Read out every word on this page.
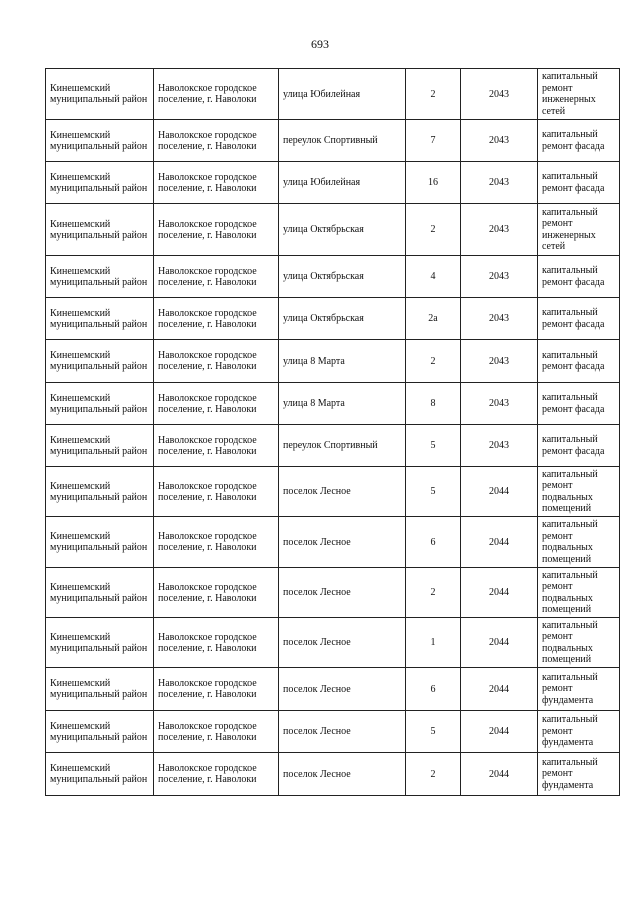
693
Кинешемский муниципальный район	Наволокское городское поселение, г. Наволоки	улица Юбилейная	2	2043	капитальный ремонт инженерных сетей
Кинешемский муниципальный район	Наволокское городское поселение, г. Наволоки	переулок Спортивный	7	2043	капитальный ремонт фасада
Кинешемский муниципальный район	Наволокское городское поселение, г. Наволоки	улица Юбилейная	16	2043	капитальный ремонт фасада
Кинешемский муниципальный район	Наволокское городское поселение, г. Наволоки	улица Октябрьская	2	2043	капитальный ремонт инженерных сетей
Кинешемский муниципальный район	Наволокское городское поселение, г. Наволоки	улица Октябрьская	4	2043	капитальный ремонт фасада
Кинешемский муниципальный район	Наволокское городское поселение, г. Наволоки	улица Октябрьская	2а	2043	капитальный ремонт фасада
Кинешемский муниципальный район	Наволокское городское поселение, г. Наволоки	улица 8 Марта	2	2043	капитальный ремонт фасада
Кинешемский муниципальный район	Наволокское городское поселение, г. Наволоки	улица 8 Марта	8	2043	капитальный ремонт фасада
Кинешемский муниципальный район	Наволокское городское поселение, г. Наволоки	переулок Спортивный	5	2043	капитальный ремонт фасада
Кинешемский муниципальный район	Наволокское городское поселение, г. Наволоки	поселок Лесное	5	2044	капитальный ремонт подвальных помещений
Кинешемский муниципальный район	Наволокское городское поселение, г. Наволоки	поселок Лесное	6	2044	капитальный ремонт подвальных помещений
Кинешемский муниципальный район	Наволокское городское поселение, г. Наволоки	поселок Лесное	2	2044	капитальный ремонт подвальных помещений
Кинешемский муниципальный район	Наволокское городское поселение, г. Наволоки	поселок Лесное	1	2044	капитальный ремонт подвальных помещений
Кинешемский муниципальный район	Наволокское городское поселение, г. Наволоки	поселок Лесное	6	2044	капитальный ремонт фундамента
Кинешемский муниципальный район	Наволокское городское поселение, г. Наволоки	поселок Лесное	5	2044	капитальный ремонт фундамента
Кинешемский муниципальный район	Наволокское городское поселение, г. Наволоки	поселок Лесное	2	2044	капитальный ремонт фундамента
